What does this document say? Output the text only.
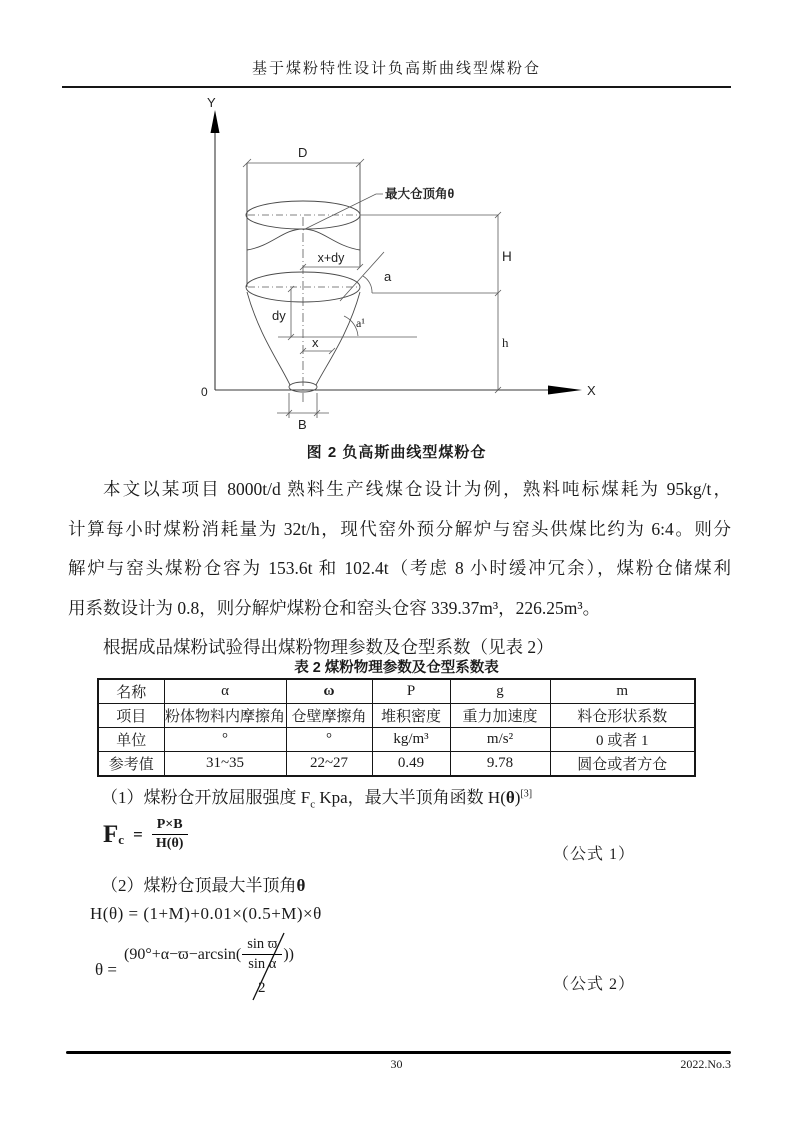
基于煤粉特性设计负高斯曲线型煤粉仓
Y
X
0
D
最大仓顶角θ
x+dy
dy
x
a
a¹
H
h
B
图 2 负高斯曲线型煤粉仓
本文以某项目 8000t/d 熟料生产线煤仓设计为例，熟料吨标煤耗为 95kg/t，
计算每小时煤粉消耗量为 32t/h，现代窑外预分解炉与窑头供煤比约为 6:4。则分
解炉与窑头煤粉仓容为 153.6t 和 102.4t（考虑 8 小时缓冲冗余），煤粉仓储煤利
用系数设计为 0.8，则分解炉煤粉仓和窑头仓容 339.37m³，226.25m³。
根据成品煤粉试验得出煤粉物理参数及仓型系数（见表 2）
表 2 煤粉物理参数及仓型系数表
名称	α	ω	P	g	m
项目	粉体物料内摩擦角	仓壁摩擦角	堆积密度	重力加速度	料仓形状系数
单位	°	°	kg/m³	m/s²	0 或者 1
参考值	31~35	22~27	0.49	9.78	圆仓或者方仓
（1）煤粉仓开放屈服强度 $F_c$ Kpa，最大半顶角函数 H(θ)[3]
$F_c = \frac{P\times B}{H(\theta)}$
（公式 1）
（2）煤粉仓顶最大半顶角θ
H(θ) = (1+M)+0.01×(0.5+M)×θ
θ =
($90^\circ+\alpha-ϖ-\arcsin( \frac{\text{sin ϖ}}{\text{sin α}}$ ))
2	（公式 2）
30	2022.No.3
